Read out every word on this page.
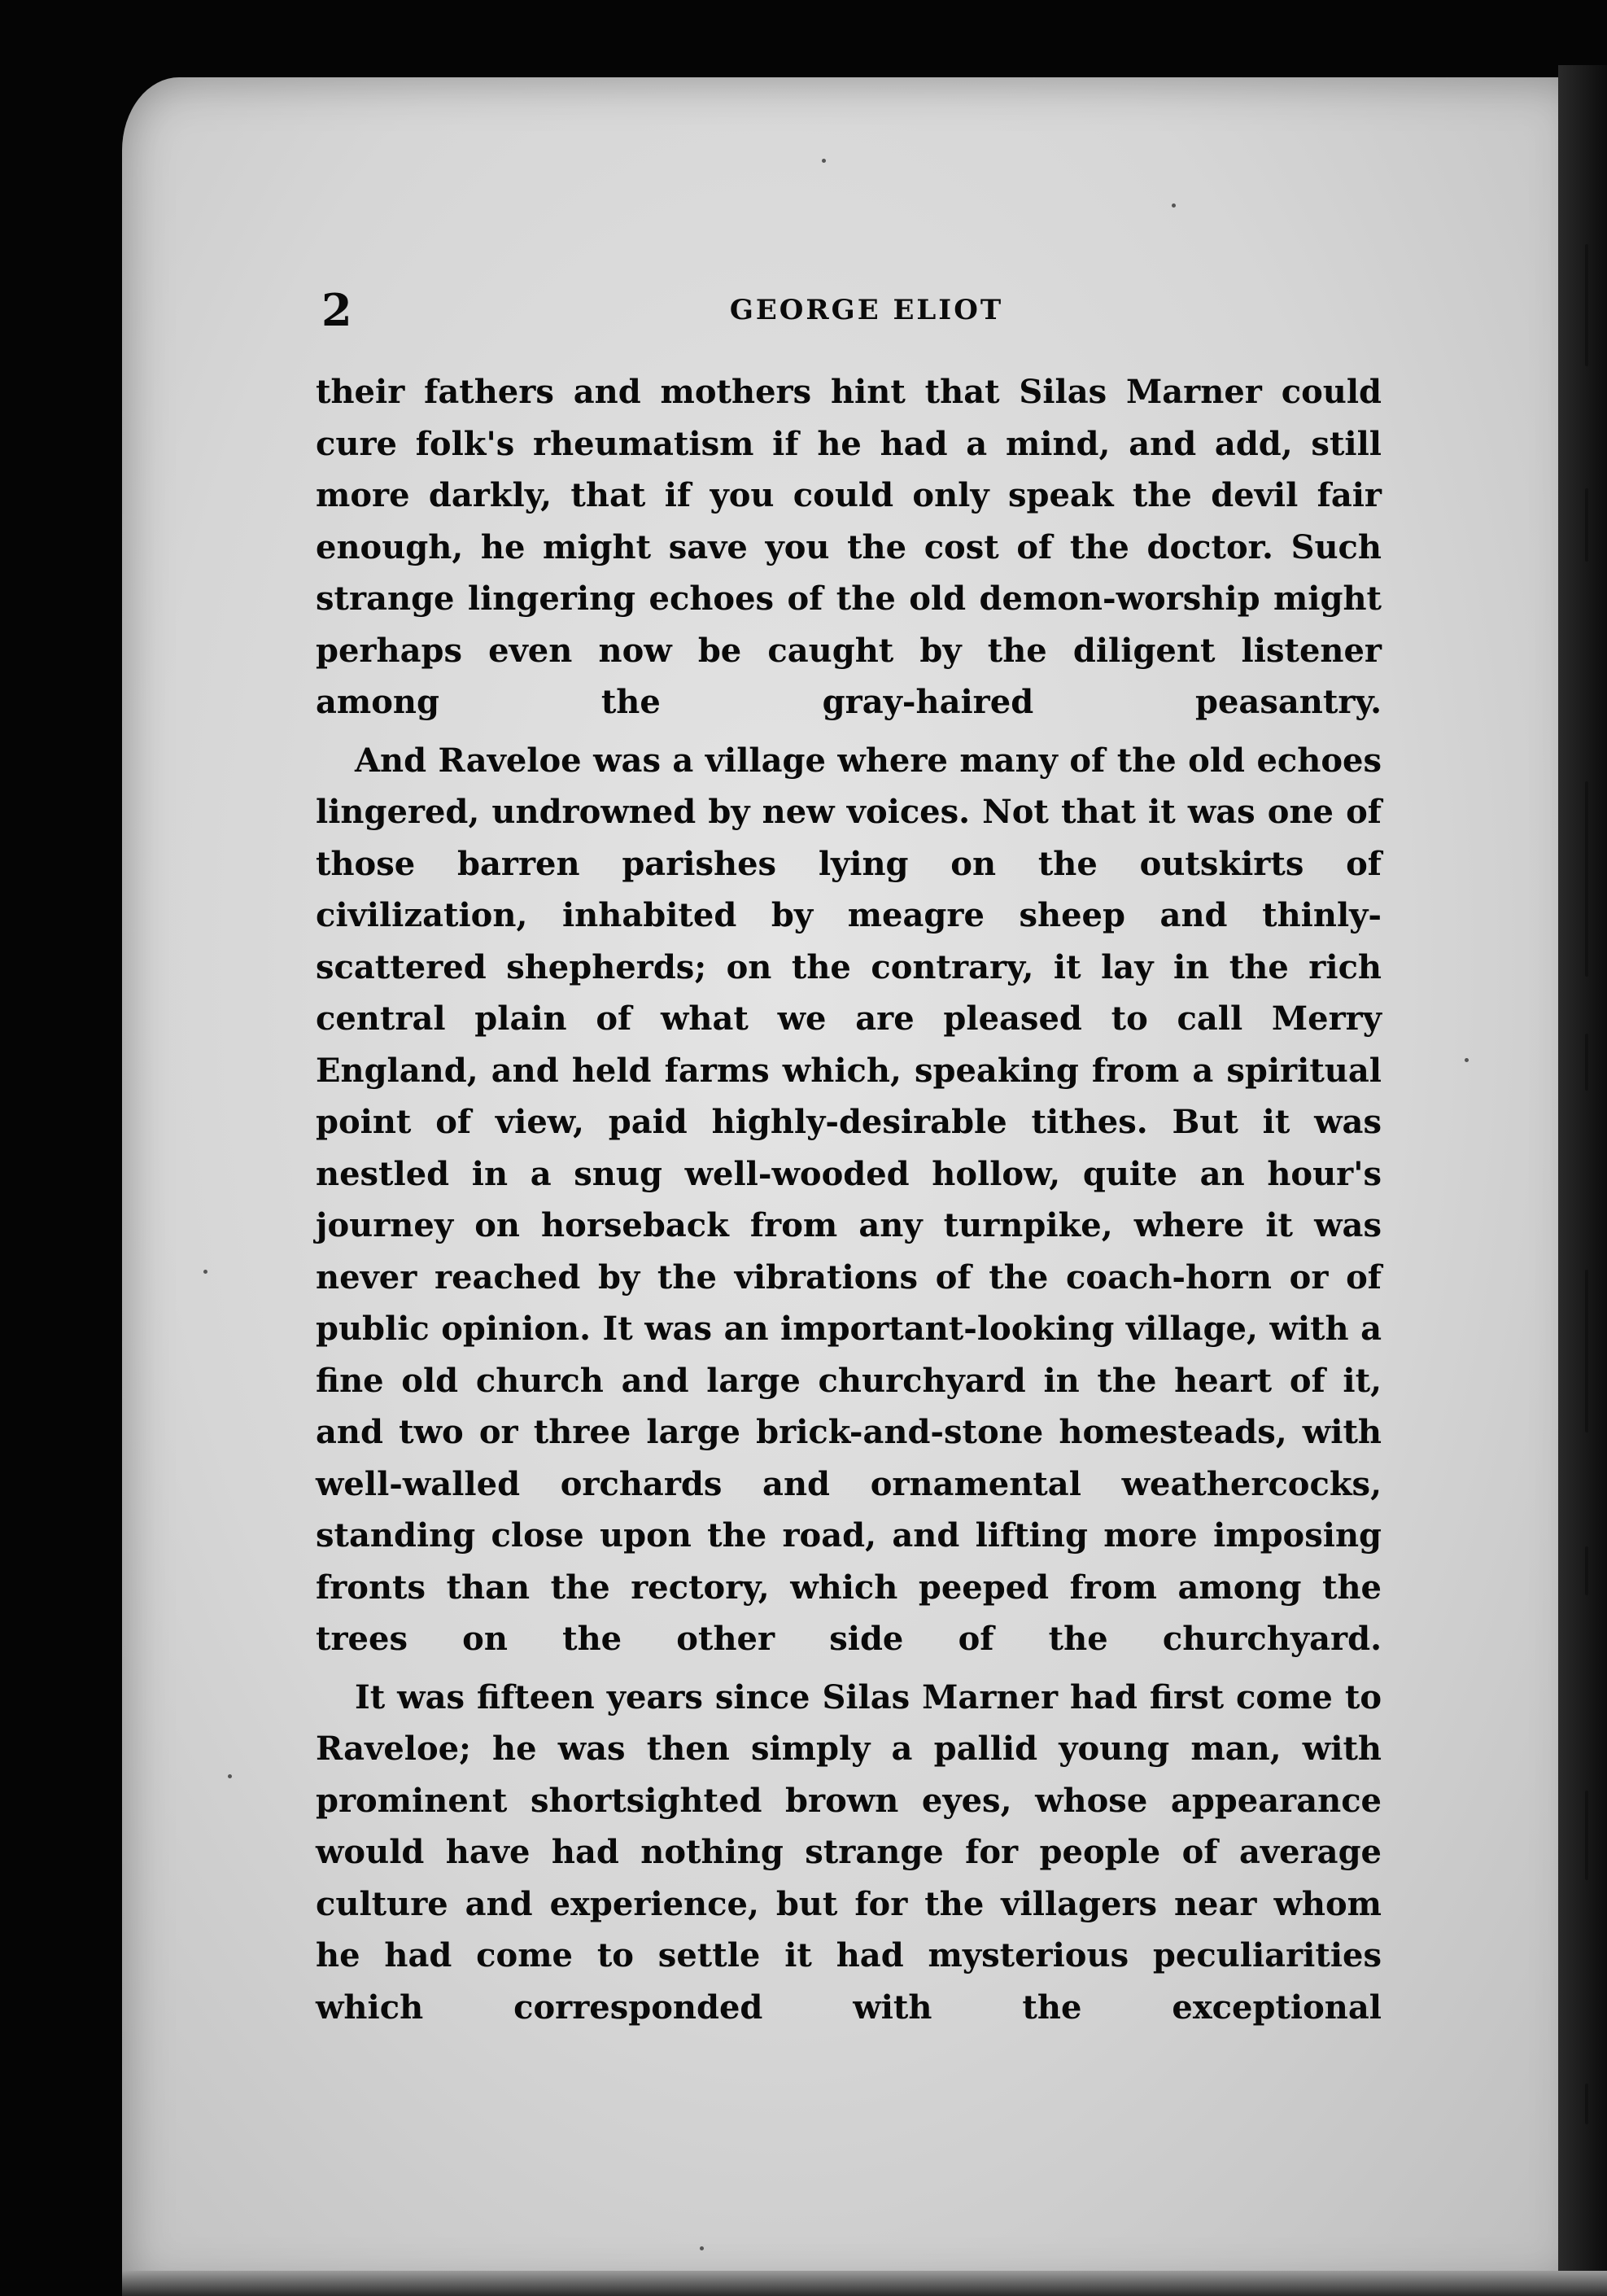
2	GEORGE ELIOT

their fathers and mothers hint that Silas Marner could cure folk's rheumatism if he had a mind, and add, still more darkly, that if you could only speak the devil fair enough, he might save you the cost of the doctor. Such strange lingering echoes of the old demon-worship might perhaps even now be caught by the diligent listener among the gray-haired peasantry.

And Raveloe was a village where many of the old echoes lingered, undrowned by new voices. Not that it was one of those barren parishes lying on the outskirts of civilization, inhabited by meagre sheep and thinly-scattered shepherds; on the contrary, it lay in the rich central plain of what we are pleased to call Merry England, and held farms which, speaking from a spiritual point of view, paid highly-desirable tithes. But it was nestled in a snug well-wooded hollow, quite an hour's journey on horseback from any turnpike, where it was never reached by the vibrations of the coach-horn or of public opinion. It was an important-looking village, with a fine old church and large churchyard in the heart of it, and two or three large brick-and-stone homesteads, with well-walled orchards and ornamental weathercocks, standing close upon the road, and lifting more imposing fronts than the rectory, which peeped from among the trees on the other side of the churchyard.

It was fifteen years since Silas Marner had first come to Raveloe; he was then simply a pallid young man, with prominent shortsighted brown eyes, whose appearance would have had nothing strange for people of average culture and experience, but for the villagers near whom he had come to settle it had mysterious peculiarities which corresponded with the exceptional
